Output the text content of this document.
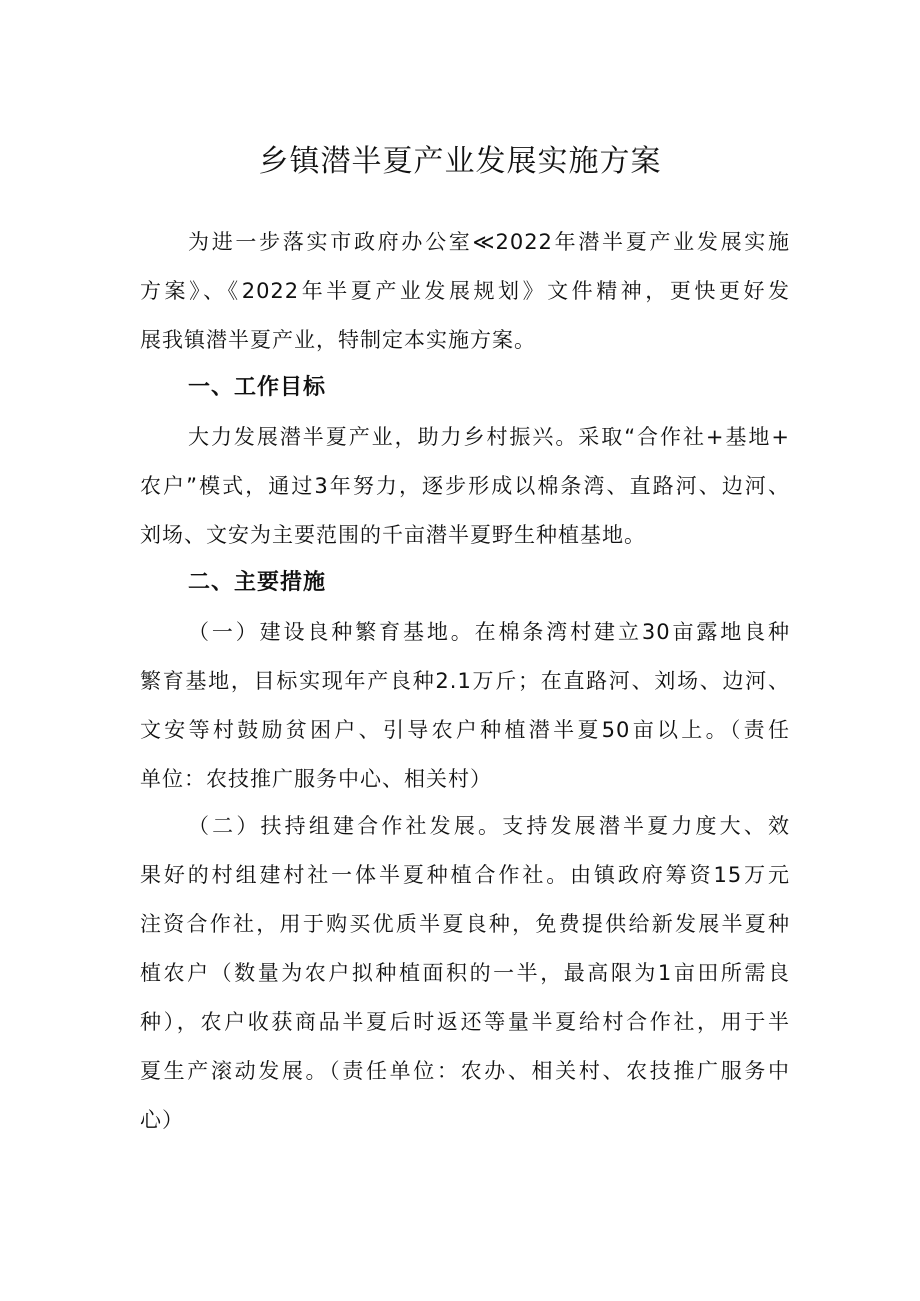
乡镇潜半夏产业发展实施方案
为进一步落实市政府办公室≪2022年潜半夏产业发展实施
方案》、《2022年半夏产业发展规划》文件精神，更快更好发
展我镇潜半夏产业，特制定本实施方案。
一、工作目标
大力发展潜半夏产业，助力乡村振兴。采取“合作社+基地+
农户”模式，通过3年努力，逐步形成以棉条湾、直路河、边河、
刘场、文安为主要范围的千亩潜半夏野生种植基地。
二、主要措施
（一）建设良种繁育基地。在棉条湾村建立30亩露地良种
繁育基地，目标实现年产良种2.1万斤；在直路河、刘场、边河、
文安等村鼓励贫困户、引导农户种植潜半夏50亩以上。（责任
单位：农技推广服务中心、相关村）
（二）扶持组建合作社发展。支持发展潜半夏力度大、效
果好的村组建村社一体半夏种植合作社。由镇政府筹资15万元
注资合作社，用于购买优质半夏良种，免费提供给新发展半夏种
植农户（数量为农户拟种植面积的一半，最高限为1亩田所需良
种），农户收获商品半夏后时返还等量半夏给村合作社，用于半
夏生产滚动发展。（责任单位：农办、相关村、农技推广服务中
心）
